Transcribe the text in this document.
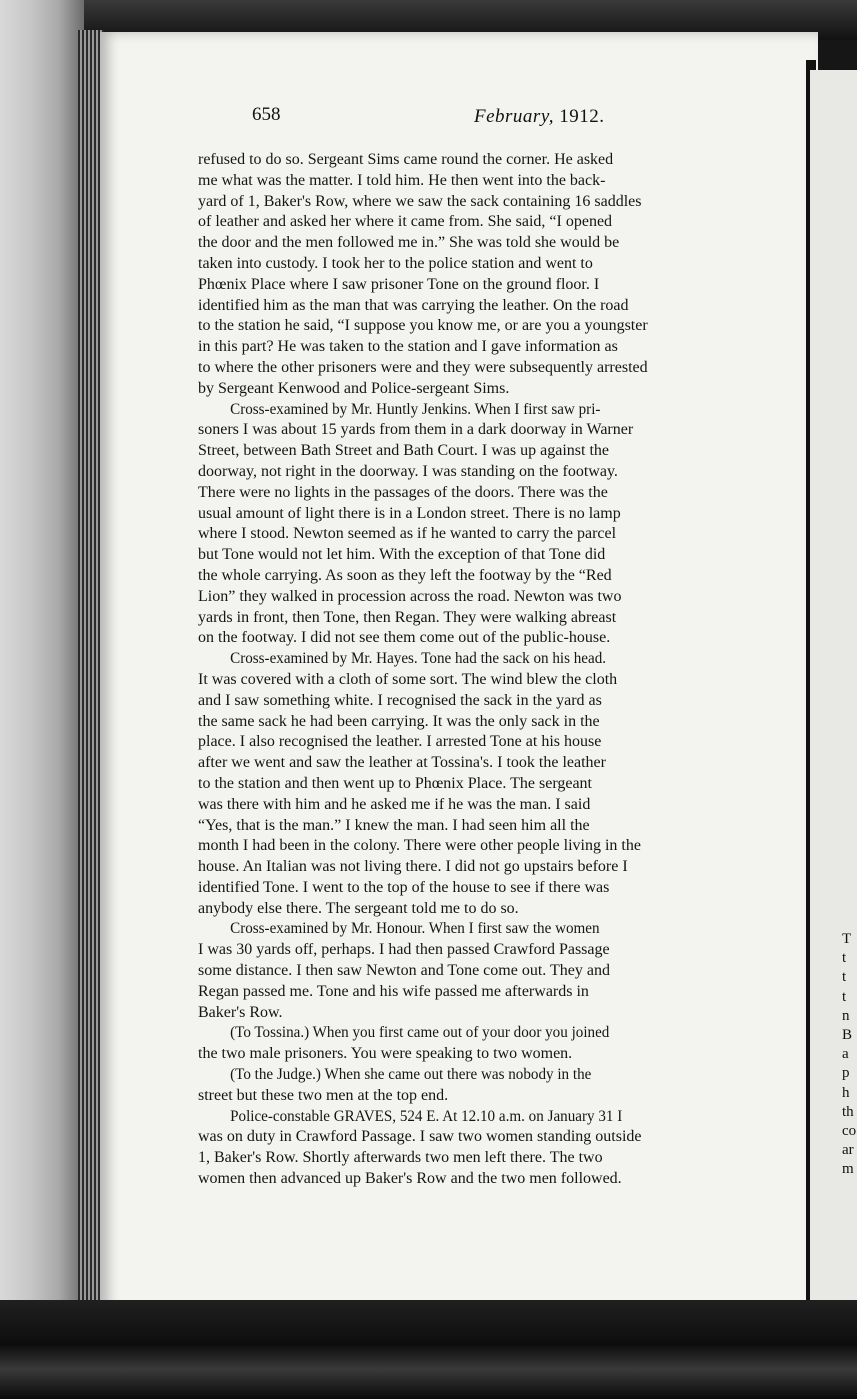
658	February, 1912.
refused to do so. Sergeant Sims came round the corner. He asked
me what was the matter. I told him. He then went into the back-
yard of 1, Baker's Row, where we saw the sack containing 16 saddles
of leather and asked her where it came from. She said, “I opened
the door and the men followed me in.” She was told she would be
taken into custody. I took her to the police station and went to
Phœnix Place where I saw prisoner Tone on the ground floor. I
identified him as the man that was carrying the leather. On the road
to the station he said, “I suppose you know me, or are you a youngster
in this part? He was taken to the station and I gave information as
to where the other prisoners were and they were subsequently arrested
by Sergeant Kenwood and Police-sergeant Sims.
Cross-examined by Mr. Huntly Jenkins. When I first saw pri-
soners I was about 15 yards from them in a dark doorway in Warner
Street, between Bath Street and Bath Court. I was up against the
doorway, not right in the doorway. I was standing on the footway.
There were no lights in the passages of the doors. There was the
usual amount of light there is in a London street. There is no lamp
where I stood. Newton seemed as if he wanted to carry the parcel
but Tone would not let him. With the exception of that Tone did
the whole carrying. As soon as they left the footway by the “Red
Lion” they walked in procession across the road. Newton was two
yards in front, then Tone, then Regan. They were walking abreast
on the footway. I did not see them come out of the public-house.
Cross-examined by Mr. Hayes. Tone had the sack on his head.
It was covered with a cloth of some sort. The wind blew the cloth
and I saw something white. I recognised the sack in the yard as
the same sack he had been carrying. It was the only sack in the
place. I also recognised the leather. I arrested Tone at his house
after we went and saw the leather at Tossina's. I took the leather
to the station and then went up to Phœnix Place. The sergeant
was there with him and he asked me if he was the man. I said
“Yes, that is the man.” I knew the man. I had seen him all the
month I had been in the colony. There were other people living in the
house. An Italian was not living there. I did not go upstairs before I
identified Tone. I went to the top of the house to see if there was
anybody else there. The sergeant told me to do so.
Cross-examined by Mr. Honour. When I first saw the women
I was 30 yards off, perhaps. I had then passed Crawford Passage
some distance. I then saw Newton and Tone come out. They and
Regan passed me. Tone and his wife passed me afterwards in
Baker's Row.
(To Tossina.) When you first came out of your door you joined
the two male prisoners. You were speaking to two women.
(To the Judge.) When she came out there was nobody in the
street but these two men at the top end.
Police-constable GRAVES, 524 E. At 12.10 a.m. on January 31 I
was on duty in Crawford Passage. I saw two women standing outside
1, Baker's Row. Shortly afterwards two men left there. The two
women then advanced up Baker's Row and the two men followed.
T
t
t
t
n
B
a
p
h
th
co
ar
m
